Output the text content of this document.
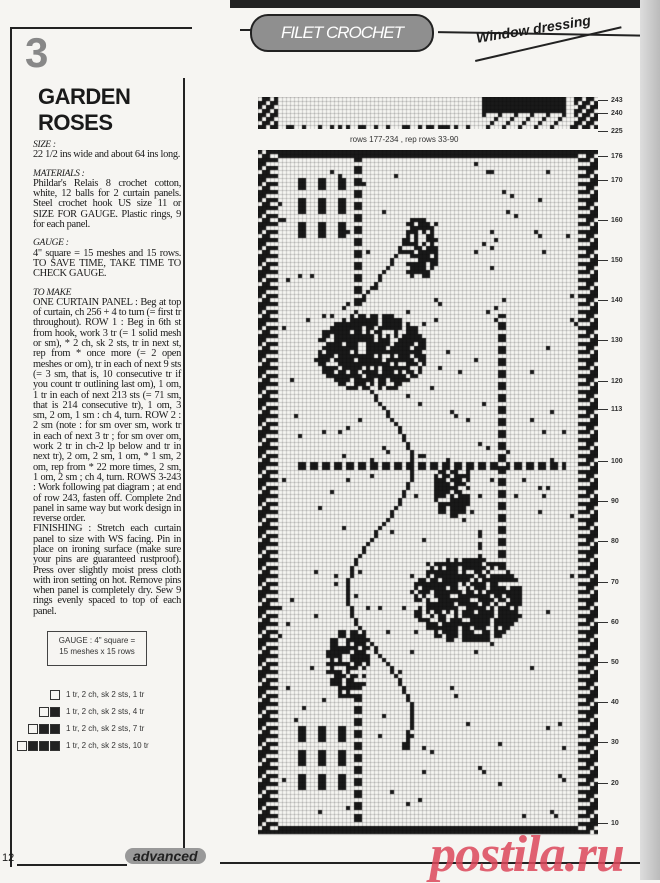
FILET CROCHET	Window dressing
3
GARDEN
ROSES
SIZE :
22 1/2 ins wide and about 64 ins long.
MATERIALS :
Phildar's Relais 8 crochet cotton, white, 12 balls for 2 curtain panels. Steel crochet hook US size 11 or SIZE FOR GAUGE. Plastic rings, 9 for each panel.
GAUGE :
4" square = 15 meshes and 15 rows. TO SAVE TIME, TAKE TIME TO CHECK GAUGE.
TO MAKE
ONE CURTAIN PANEL : Beg at top of curtain, ch 256 + 4 to turn (= first tr throughout). ROW 1 : Beg in 6th st from hook, work 3 tr (= 1 solid mesh or sm), * 2 ch, sk 2 sts, tr in next st, rep from * once more (= 2 open meshes or om), tr in each of next 9 sts (= 3 sm, that is, 10 consecutive tr if you count tr outlining last om), 1 om, 1 tr in each of next 213 sts (= 71 sm, that is 214 consecutive tr), 1 om, 3 sm, 2 om, 1 sm : ch 4, turn. ROW 2 : 2 sm (note : for sm over sm, work tr in each of next 3 tr ; for sm over om, work 2 tr in ch-2 lp below and tr in next tr), 2 om, 2 sm, 1 om, * 1 sm, 2 om, rep from * 22 more times, 2 sm, 1 om, 2 sm ; ch 4, turn. ROWS 3-243 : Work following pat diagram ; at end of row 243, fasten off. Complete 2nd panel in same way but work design in reverse order.
FINISHING : Stretch each curtain panel to size with WS facing. Pin in place on ironing surface (make sure your pins are guaranteed rustproof). Press over slightly moist press cloth with iron setting on hot. Remove pins when panel is completely dry. Sew 9 rings evenly spaced to top of each panel.
GAUGE : 4" square =
15 meshes x 15 rows
1 tr, 2 ch, sk 2 sts, 1 tr
1 tr, 2 ch, sk 2 sts, 4 tr
1 tr, 2 ch, sk 2 sts, 7 tr
1 tr, 2 ch, sk 2 sts, 10 tr
12	advanced
rows 177-234 , rep rows 33-90
243
240
225
176
170
160
150
140
130
120
113
100
90
80
70
60
50
40
30
20
10
postila.ru
